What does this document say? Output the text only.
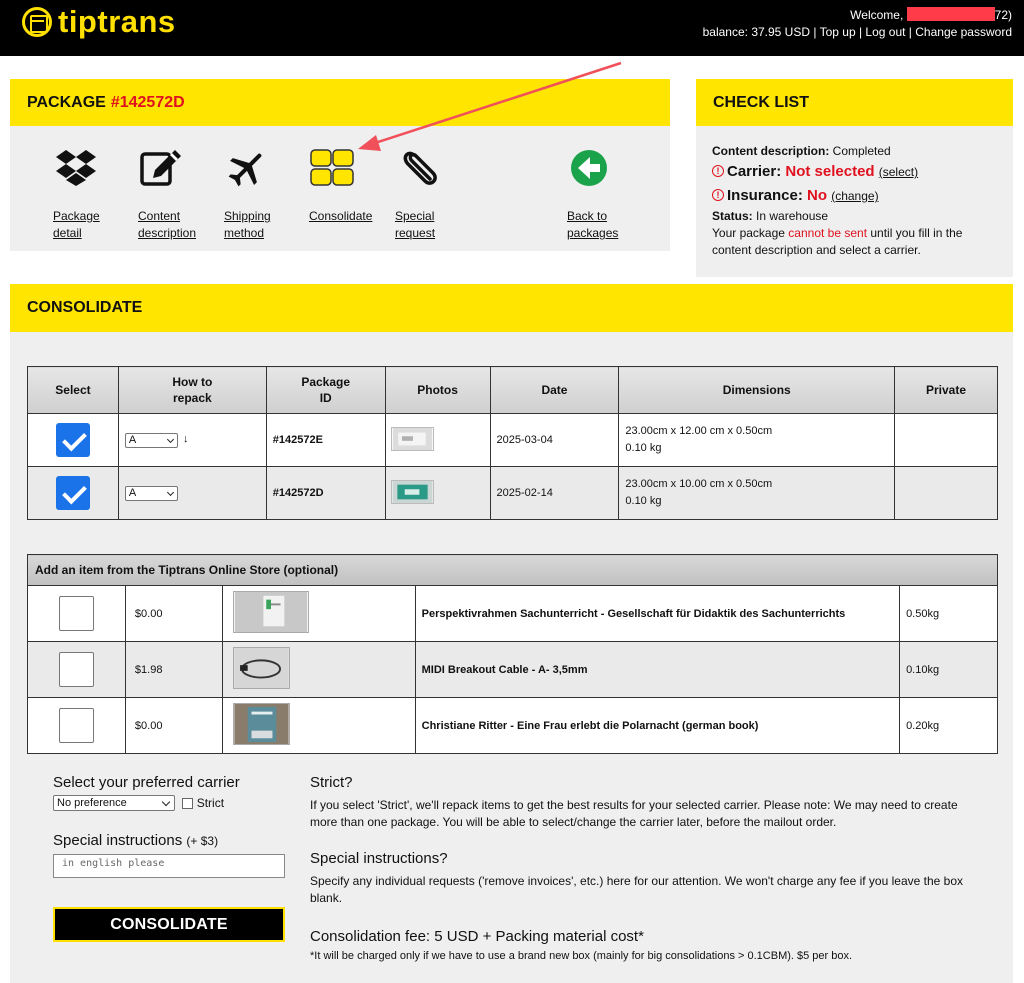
tiptrans	Welcome,	72)
balance: 37.95 USD | Top up | Log out | Change password
PACKAGE #142572D
Package
detail
Content
description
Shipping
method
Consolidate	Special
request
Back to
packages
CHECK LIST
Content description: Completed
! Carrier: Not selected (select)
! Insurance: No (change)
Status: In warehouse
Your package cannot be sent until you fill in the content description and select a carrier.
CONSOLIDATE
Select	How to repack	Package ID	Photos	Date	Dimensions	Private

	A ↓	#142572E		2025-03-04	23.00cm x 12.00 cm x 0.50cm
0.10 kg	

	A	#142572D		2025-02-14	23.00cm x 10.00 cm x 0.50cm
0.10 kg	

Add an item from the Tiptrans Online Store (optional)				

	$0.00		Perspektivrahmen Sachunterricht - Gesellschaft für Didaktik des Sachunterrichts	0.50kg

	$1.98		MIDI Breakout Cable - A- 3,5mm	0.10kg

	$0.00		Christiane Ritter - Eine Frau erlebt die Polarnacht (german book)	0.20kg
Select your preferred carrier
No preference	Strict
Special instructions (+ $3)
in english please
CONSOLIDATE
Strict?

If you select 'Strict', we'll repack items to get the best results for your selected carrier. Please note: We may need to create more than one package. You will be able to select/change the carrier later, before the mailout order.

Special instructions?

Specify any individual requests ('remove invoices', etc.) here for our attention. We won't charge any fee if you leave the box blank.

Consolidation fee: 5 USD + Packing material cost*

*It will be charged only if we have to use a brand new box (mainly for big consolidations > 0.1CBM). $5 per box.
